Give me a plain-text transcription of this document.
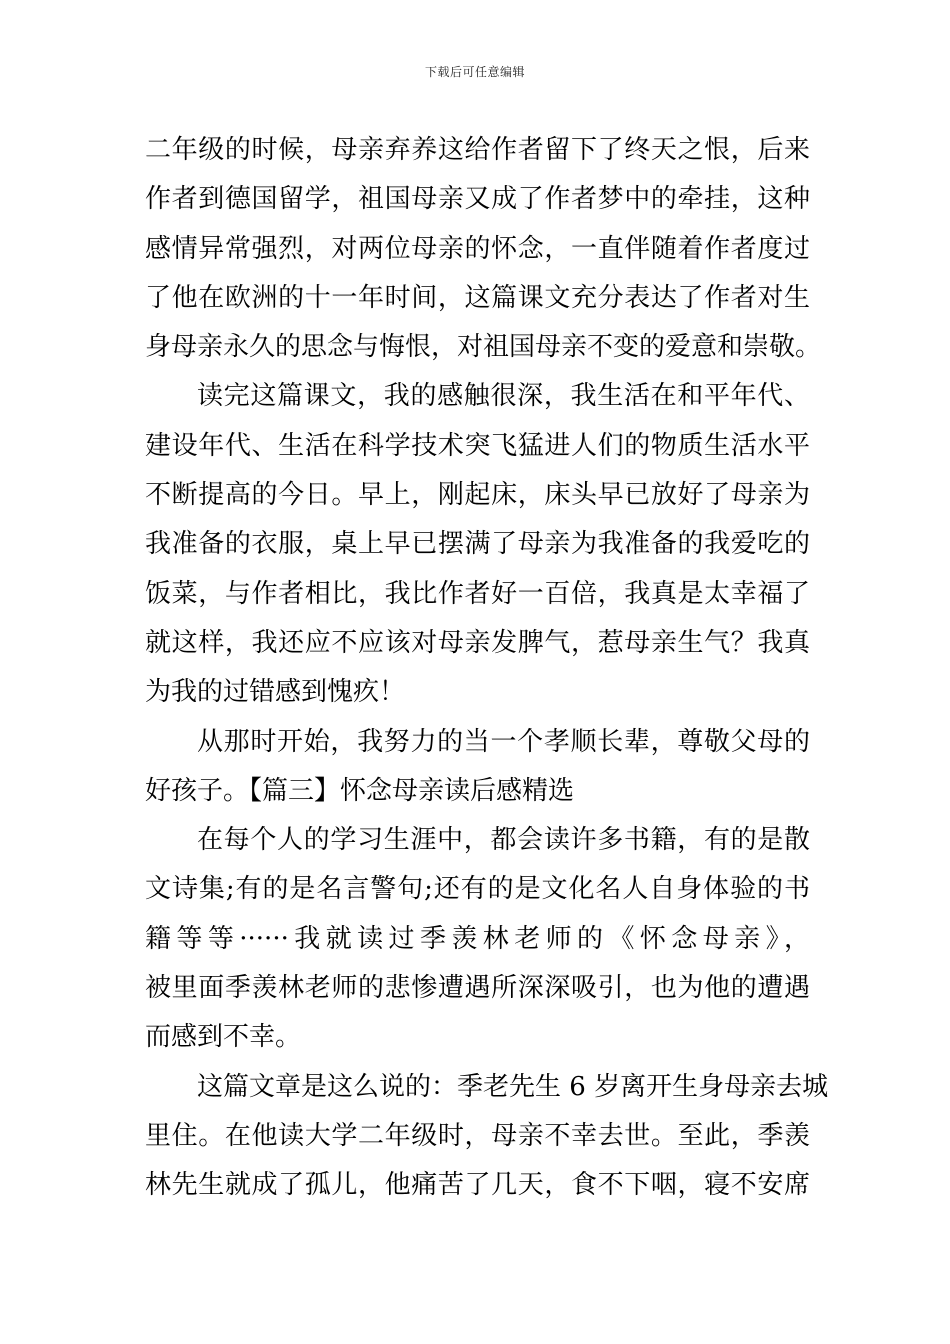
下载后可任意编辑
二年级的时候，母亲弃养这给作者留下了终天之恨，后来
作者到德国留学，祖国母亲又成了作者梦中的牵挂，这种
感情异常强烈，对两位母亲的怀念，一直伴随着作者度过
了他在欧洲的十一年时间，这篇课文充分表达了作者对生
身母亲永久的思念与悔恨，对祖国母亲不变的爱意和崇敬。
读完这篇课文，我的感触很深，我生活在和平年代、
建设年代、生活在科学技术突飞猛进人们的物质生活水平
不断提高的今日。早上，刚起床，床头早已放好了母亲为
我准备的衣服，桌上早已摆满了母亲为我准备的我爱吃的
饭菜，与作者相比，我比作者好一百倍，我真是太幸福了
就这样，我还应不应该对母亲发脾气，惹母亲生气？我真
为我的过错感到愧疚！
从那时开始，我努力的当一个孝顺长辈，尊敬父母的
好孩子。【篇三】怀念母亲读后感精选
在每个人的学习生涯中，都会读许多书籍，有的是散
文诗集;有的是名言警句;还有的是文化名人自身体验的书
籍等等······我就读过季羡林老师的《怀念母亲》，
被里面季羡林老师的悲惨遭遇所深深吸引，也为他的遭遇
而感到不幸。
这篇文章是这么说的：季老先生 6 岁离开生身母亲去城
里住。在他读大学二年级时，母亲不幸去世。至此，季羡
林先生就成了孤儿，他痛苦了几天，食不下咽，寝不安席
